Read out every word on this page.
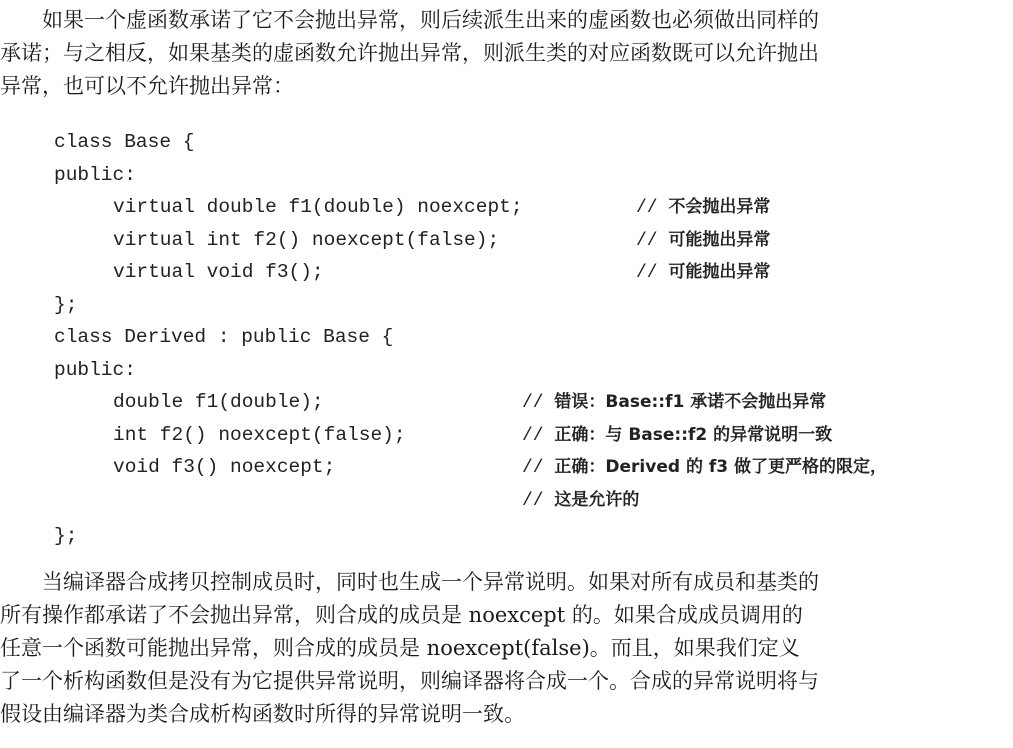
如果一个虚函数承诺了它不会抛出异常，则后续派生出来的虚函数也必须做出同样的
承诺；与之相反，如果基类的虚函数允许抛出异常，则派生类的对应函数既可以允许抛出
异常，也可以不允许抛出异常：
class Base {
public:
virtual double f1(double) noexcept;	// 不会抛出异常
virtual int f2() noexcept(false);	// 可能抛出异常
virtual void f3();	// 可能抛出异常
};
class Derived : public Base {
public:
double f1(double);	// 错误：Base::f1 承诺不会抛出异常
int f2() noexcept(false);	// 正确：与 Base::f2 的异常说明一致
void f3() noexcept;	// 正确：Derived 的 f3 做了更严格的限定，
// 这是允许的
};
当编译器合成拷贝控制成员时，同时也生成一个异常说明。如果对所有成员和基类的
所有操作都承诺了不会抛出异常，则合成的成员是 noexcept 的。如果合成成员调用的
任意一个函数可能抛出异常，则合成的成员是 noexcept(false)。而且，如果我们定义
了一个析构函数但是没有为它提供异常说明，则编译器将合成一个。合成的异常说明将与
假设由编译器为类合成析构函数时所得的异常说明一致。
